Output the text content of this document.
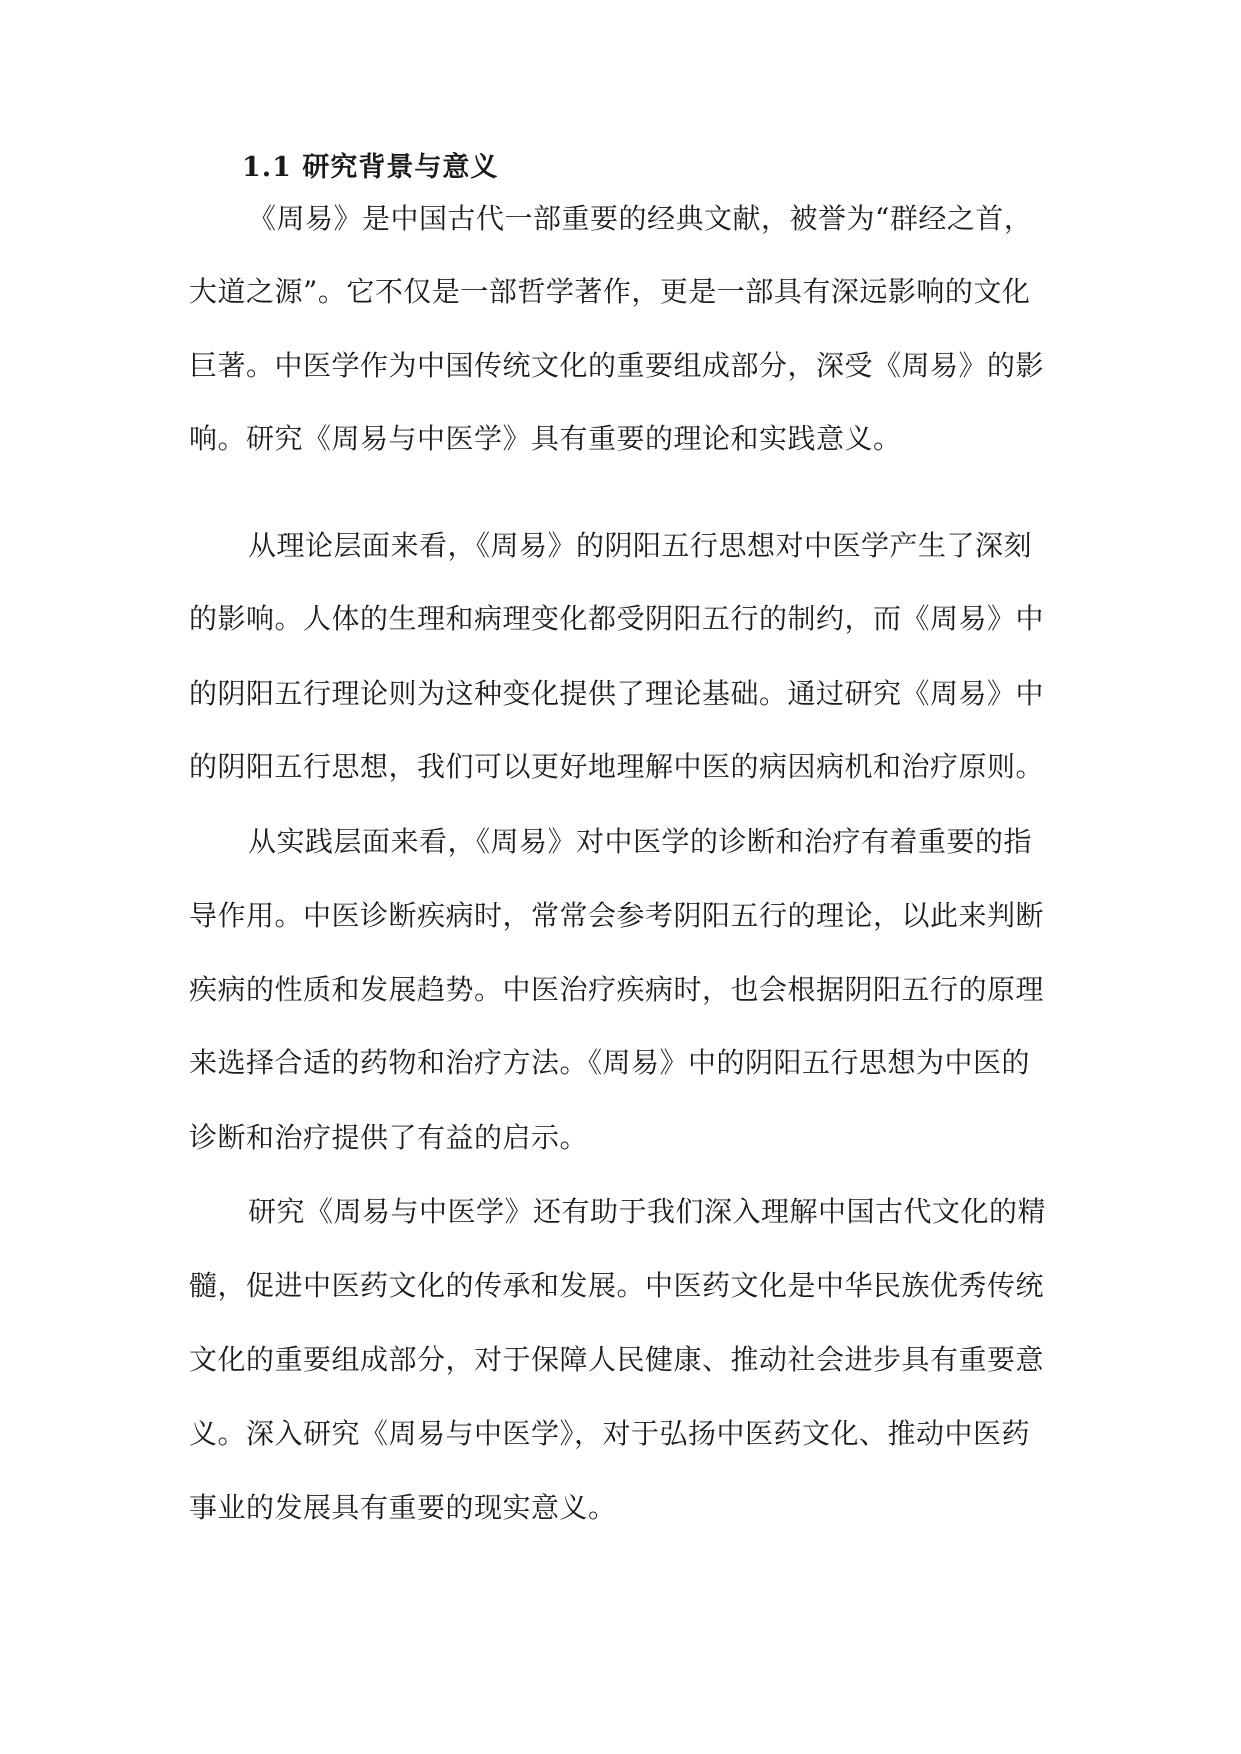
1.1 研究背景与意义
《周易》是中国古代一部重要的经典文献，被誉为“群经之首，
大道之源”。它不仅是一部哲学著作，更是一部具有深远影响的文化
巨著。中医学作为中国传统文化的重要组成部分，深受《周易》的影
响。研究《周易与中医学》具有重要的理论和实践意义。
从理论层面来看，《周易》的阴阳五行思想对中医学产生了深刻
的影响。人体的生理和病理变化都受阴阳五行的制约，而《周易》中
的阴阳五行理论则为这种变化提供了理论基础。通过研究《周易》中
的阴阳五行思想，我们可以更好地理解中医的病因病机和治疗原则。
从实践层面来看，《周易》对中医学的诊断和治疗有着重要的指
导作用。中医诊断疾病时，常常会参考阴阳五行的理论，以此来判断
疾病的性质和发展趋势。中医治疗疾病时，也会根据阴阳五行的原理
来选择合适的药物和治疗方法。《周易》中的阴阳五行思想为中医的
诊断和治疗提供了有益的启示。
研究《周易与中医学》还有助于我们深入理解中国古代文化的精
髓，促进中医药文化的传承和发展。中医药文化是中华民族优秀传统
文化的重要组成部分，对于保障人民健康、推动社会进步具有重要意
义。深入研究《周易与中医学》，对于弘扬中医药文化、推动中医药
事业的发展具有重要的现实意义。
